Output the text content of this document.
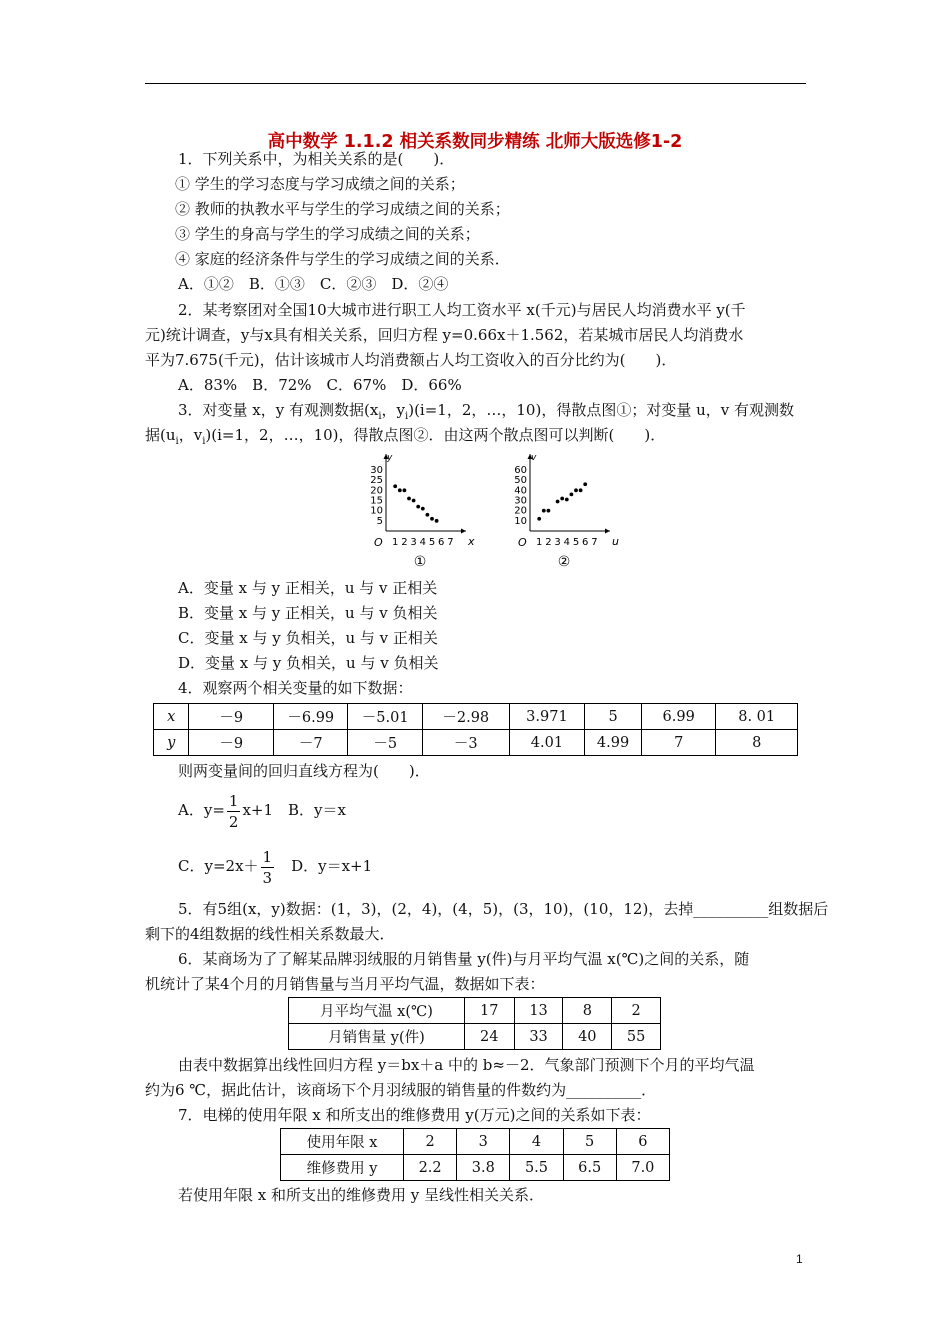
高中数学 1.1.2 相关系数同步精练 北师大版选修1-2
1．下列关系中，为相关关系的是(　　)．
① 学生的学习态度与学习成绩之间的关系；
② 教师的执教水平与学生的学习成绩之间的关系；
③ 学生的身高与学生的学习成绩之间的关系；
④ 家庭的经济条件与学生的学习成绩之间的关系．
A．①②　B．①③　C．②③　D．②④
2．某考察团对全国10大城市进行职工人均工资水平 x(千元)与居民人均消费水平 y(千
元)统计调查，y与x具有相关关系，回归方程 y=0.66x＋1.562，若某城市居民人均消费水
平为7.675(千元)，估计该城市人均消费额占人均工资收入的百分比约为(　　)．
A．83%　B．72%　C．67%　D．66%
3．对变量 x，y 有观测数据($x_i$，$y_i)(i=1$，2，…，10)，得散点图①；对变量 u，v 有观测数
据($u_i$，$v_i)(i=1$，2，…，10)，得散点图②．由这两个散点图可以判断(　　)．
y
x
O 1 2 3 4 5 6 7
5
10
15
20
25
30
①
v
u
O 1 2 3 4 5 6 7
10
20
30
40
50
60
②
A．变量 x 与 y 正相关，u 与 v 正相关
B．变量 x 与 y 正相关，u 与 v 负相关
C．变量 x 与 y 负相关，u 与 v 正相关
D．变量 x 与 y 负相关，u 与 v 负相关
4．观察两个相关变量的如下数据：
x	－9	－6.99	－5.01	－2.98	3.971	5	6.99	8. 01
y	－9	－7	－5	－3	4.01	4.99	7	8
则两变量间的回归直线方程为(　　)．
A．$y= \frac{1}{2} x+1$　B．y＝x
C．$y=2x+ \frac{1}{3}$ 　D．y＝x+1
5．有5组(x，y)数据：(1，3)，(2，4)，(4，5)，(3，10)，(10，12)，去掉__________组数据后
剩下的4组数据的线性相关系数最大．
6．某商场为了了解某品牌羽绒服的月销售量 y(件)与月平均气温 x(℃)之间的关系，随
机统计了某4个月的月销售量与当月平均气温，数据如下表：
月平均气温 x(℃)	17	13	8	2
月销售量 y(件)	24	33	40	55
由表中数据算出线性回归方程 y＝bx＋a 中的 b≈－2．气象部门预测下个月的平均气温
约为6 ℃，据此估计，该商场下个月羽绒服的销售量的件数约为__________．
7．电梯的使用年限 x 和所支出的维修费用 y(万元)之间的关系如下表：
使用年限 x	2	3	4	5	6
维修费用 y	2.2	3.8	5.5	6.5	7.0
若使用年限 x 和所支出的维修费用 y 呈线性相关关系．
1
